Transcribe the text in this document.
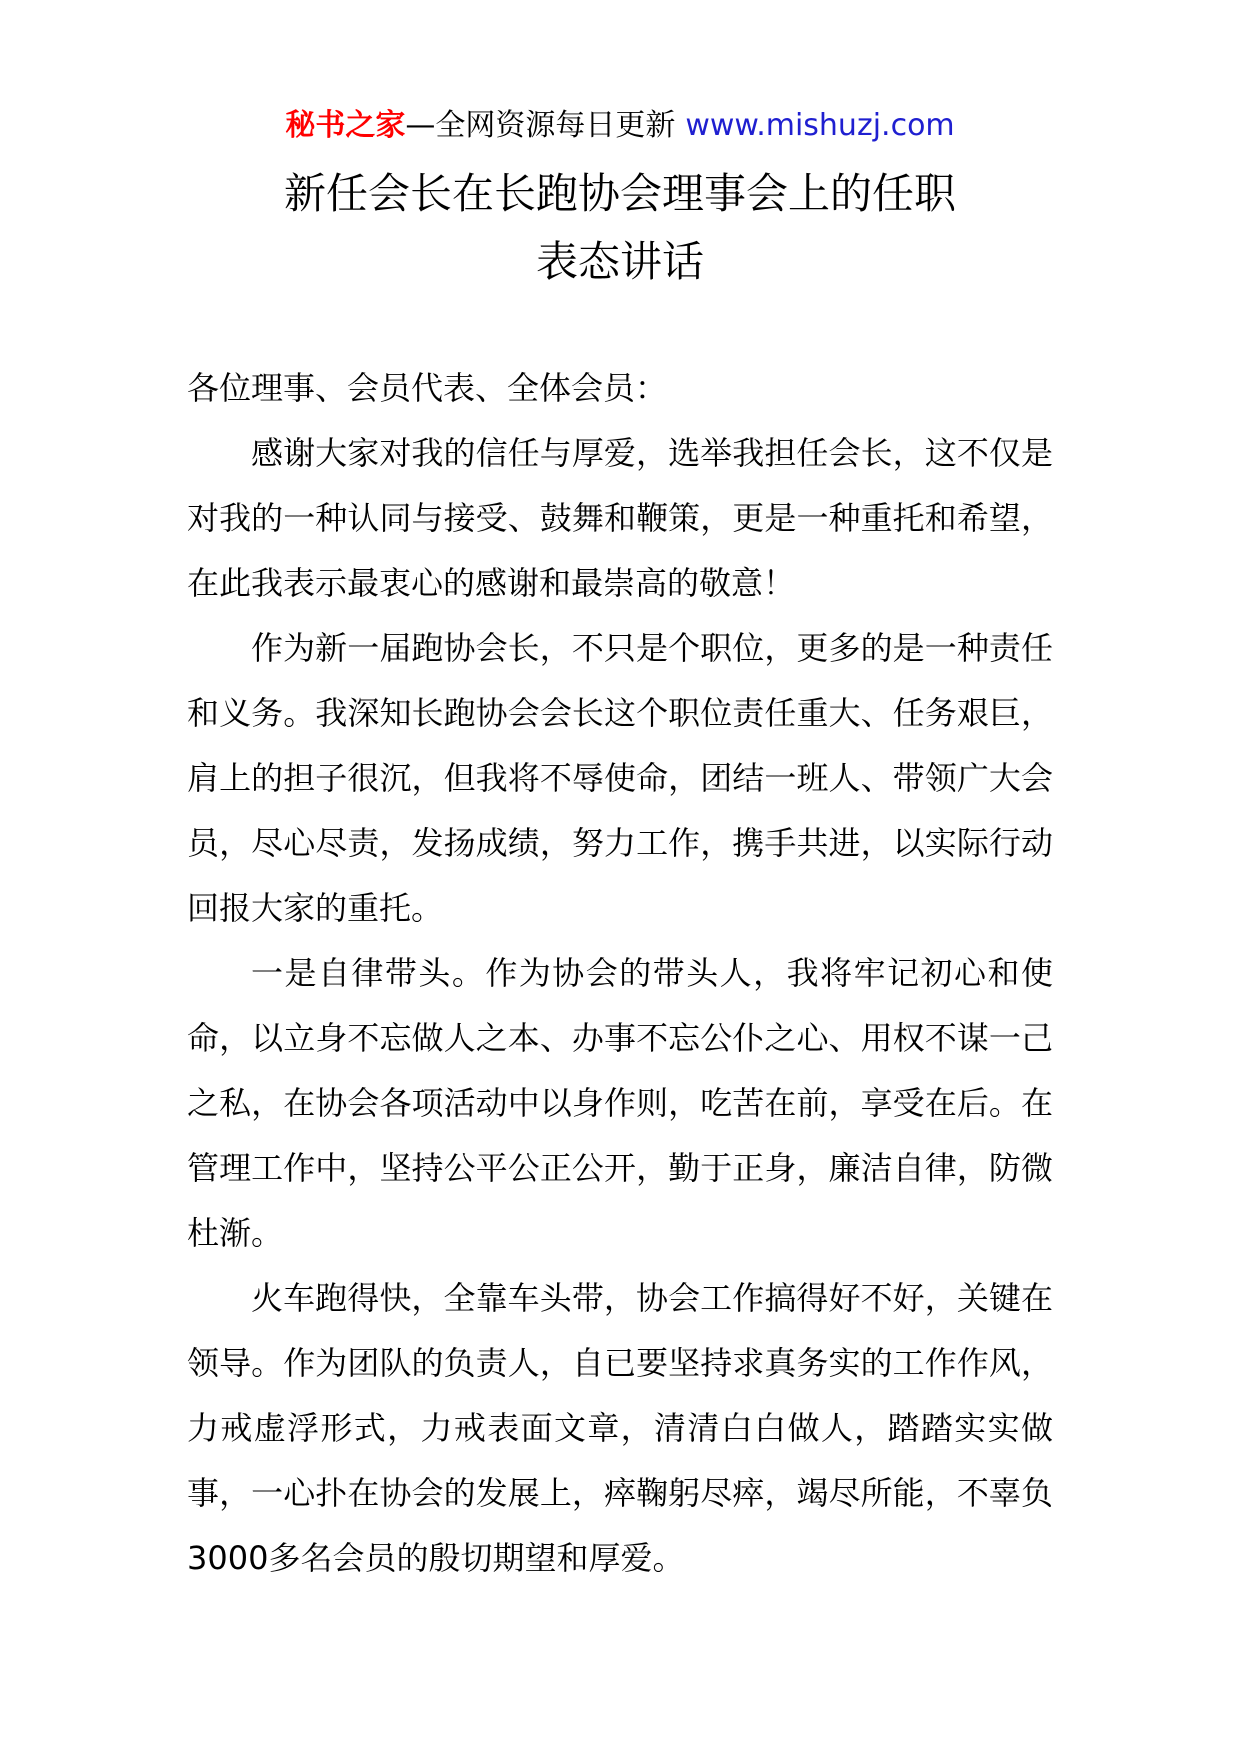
秘书之家—全网资源每日更新 www.mishuzj.com
新任会长在长跑协会理事会上的任职
表态讲话

各位理事、会员代表、全体会员：

感谢大家对我的信任与厚爱，选举我担任会长，这不仅是对我的一种认同与接受、鼓舞和鞭策，更是一种重托和希望，在此我表示最衷心的感谢和最崇高的敬意！

作为新一届跑协会长，不只是个职位，更多的是一种责任和义务。我深知长跑协会会长这个职位责任重大、任务艰巨，肩上的担子很沉，但我将不辱使命，团结一班人、带领广大会员，尽心尽责，发扬成绩，努力工作，携手共进，以实际行动回报大家的重托。

一是自律带头。作为协会的带头人，我将牢记初心和使命，以立身不忘做人之本、办事不忘公仆之心、用权不谋一己之私，在协会各项活动中以身作则，吃苦在前，享受在后。在管理工作中，坚持公平公正公开，勤于正身，廉洁自律，防微杜渐。

火车跑得快，全靠车头带，协会工作搞得好不好，关键在领导。作为团队的负责人，自已要坚持求真务实的工作作风，力戒虚浮形式，力戒表面文章，清清白白做人，踏踏实实做事，一心扑在协会的发展上，瘁鞠躬尽瘁，竭尽所能，不辜负3000多名会员的殷切期望和厚爱。
